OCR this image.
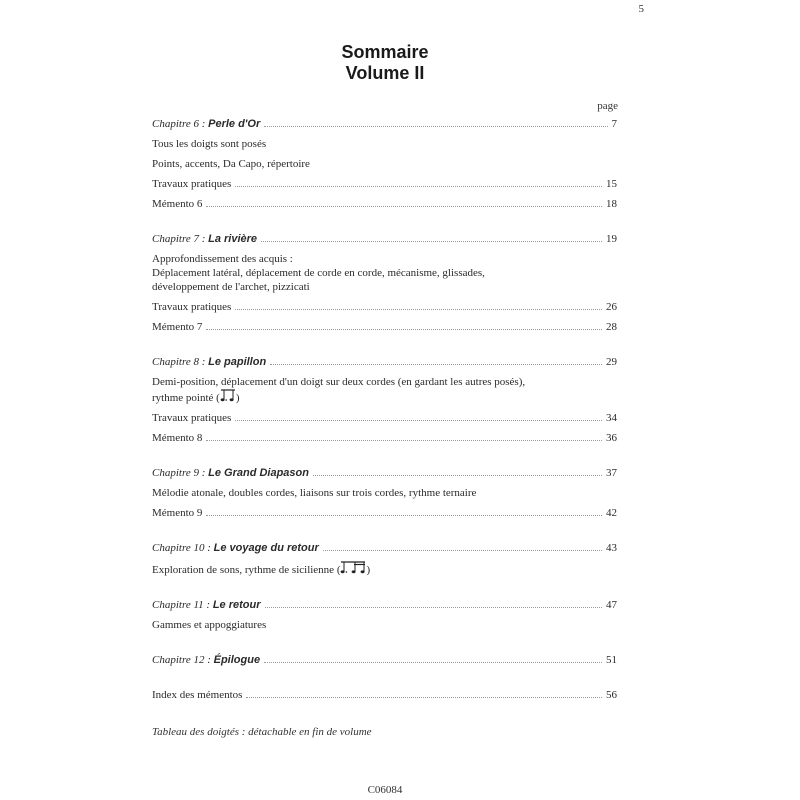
5
Sommaire
Volume II
page
Chapitre 6 : Perle d'Or	7
Tous les doigts sont posés
Points, accents, Da Capo, répertoire
Travaux pratiques	15
Mémento 6	18
Chapitre 7 : La rivière	19
Approfondissement des acquis :
Déplacement latéral, déplacement de corde en corde, mécanisme, glissades,
développement de l'archet, pizzicati
Travaux pratiques	26
Mémento 7	28
Chapitre 8 : Le papillon	29
Demi-position, déplacement d'un doigt sur deux cordes (en gardant les autres posés),
rythme pointé ( )
Travaux pratiques	34
Mémento 8	36
Chapitre 9 : Le Grand Diapason	37
Mélodie atonale, doubles cordes, liaisons sur trois cordes, rythme ternaire
Mémento 9	42
Chapitre 10 : Le voyage du retour	43
Exploration de sons, rythme de sicilienne ( )
Chapitre 11 : Le retour	47
Gammes et appoggiatures
Chapitre 12 : Épilogue	51
Index des mémentos	56
Tableau des doigtés : détachable en fin de volume
C06084
